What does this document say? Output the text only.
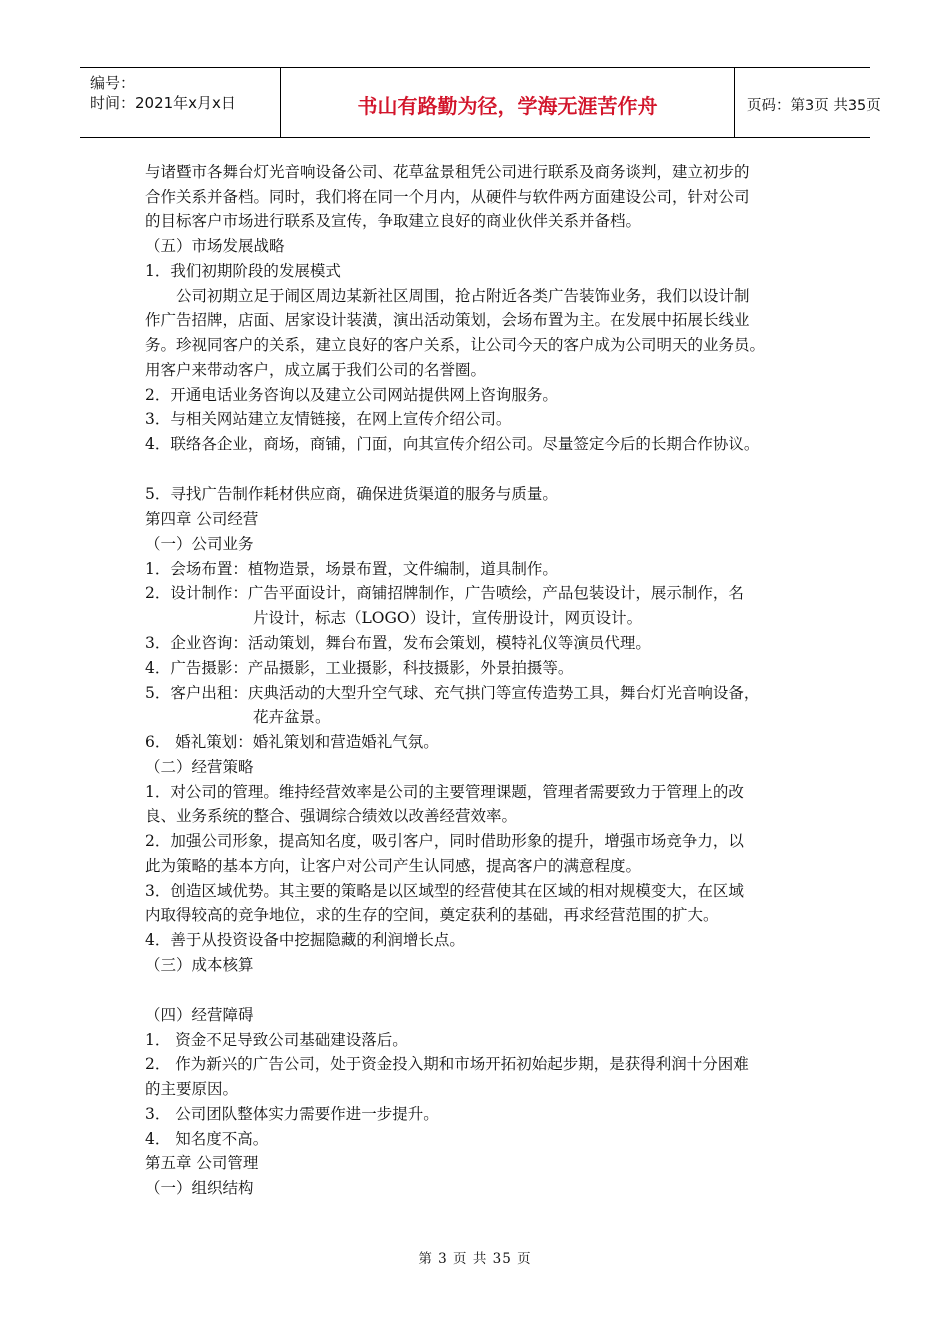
编号：
时间：2021年x月x日	书山有路勤为径，学海无涯苦作舟	页码：第3页 共35页
与诸暨市各舞台灯光音响设备公司、花草盆景租凭公司进行联系及商务谈判，建立初步的
合作关系并备档。同时，我们将在同一个月内，从硬件与软件两方面建设公司，针对公司
的目标客户市场进行联系及宣传，争取建立良好的商业伙伴关系并备档。
（五）市场发展战略
1．我们初期阶段的发展模式
　　公司初期立足于闹区周边某新社区周围，抢占附近各类广告装饰业务，我们以设计制
作广告招牌，店面、居家设计装潢，演出活动策划，会场布置为主。在发展中拓展长线业
务。珍视同客户的关系，建立良好的客户关系，让公司今天的客户成为公司明天的业务员。
用客户来带动客户，成立属于我们公司的名誉圈。
2．开通电话业务咨询以及建立公司网站提供网上咨询服务。
3．与相关网站建立友情链接，在网上宣传介绍公司。
4．联络各企业，商场，商铺，门面，向其宣传介绍公司。尽量签定今后的长期合作协议。
5．寻找广告制作耗材供应商，确保进货渠道的服务与质量。
第四章 公司经营
（一）公司业务
1．会场布置：植物造景，场景布置，文件编制，道具制作。
2．设计制作：广告平面设计，商铺招牌制作，广告喷绘，产品包装设计，展示制作，名
片设计，标志（LOGO）设计，宣传册设计，网页设计。
3．企业咨询：活动策划，舞台布置，发布会策划，模特礼仪等演员代理。
4．广告摄影：产品摄影，工业摄影，科技摄影，外景拍摄等。
5．客户出租：庆典活动的大型升空气球、充气拱门等宣传造势工具，舞台灯光音响设备，
花卉盆景。
6． 婚礼策划：婚礼策划和营造婚礼气氛。
（二）经营策略
1．对公司的管理。维持经营效率是公司的主要管理课题，管理者需要致力于管理上的改
良、业务系统的整合、强调综合绩效以改善经营效率。
2．加强公司形象，提高知名度，吸引客户，同时借助形象的提升，增强市场竞争力，以
此为策略的基本方向，让客户对公司产生认同感，提高客户的满意程度。
3．创造区域优势。其主要的策略是以区域型的经营使其在区域的相对规模变大，在区域
内取得较高的竞争地位，求的生存的空间，奠定获利的基础，再求经营范围的扩大。
4．善于从投资设备中挖掘隐藏的利润增长点。
（三）成本核算
（四）经营障碍
1． 资金不足导致公司基础建设落后。
2． 作为新兴的广告公司，处于资金投入期和市场开拓初始起步期，是获得利润十分困难
的主要原因。
3． 公司团队整体实力需要作进一步提升。
4． 知名度不高。
第五章 公司管理
（一）组织结构
第 3 页 共 35 页
